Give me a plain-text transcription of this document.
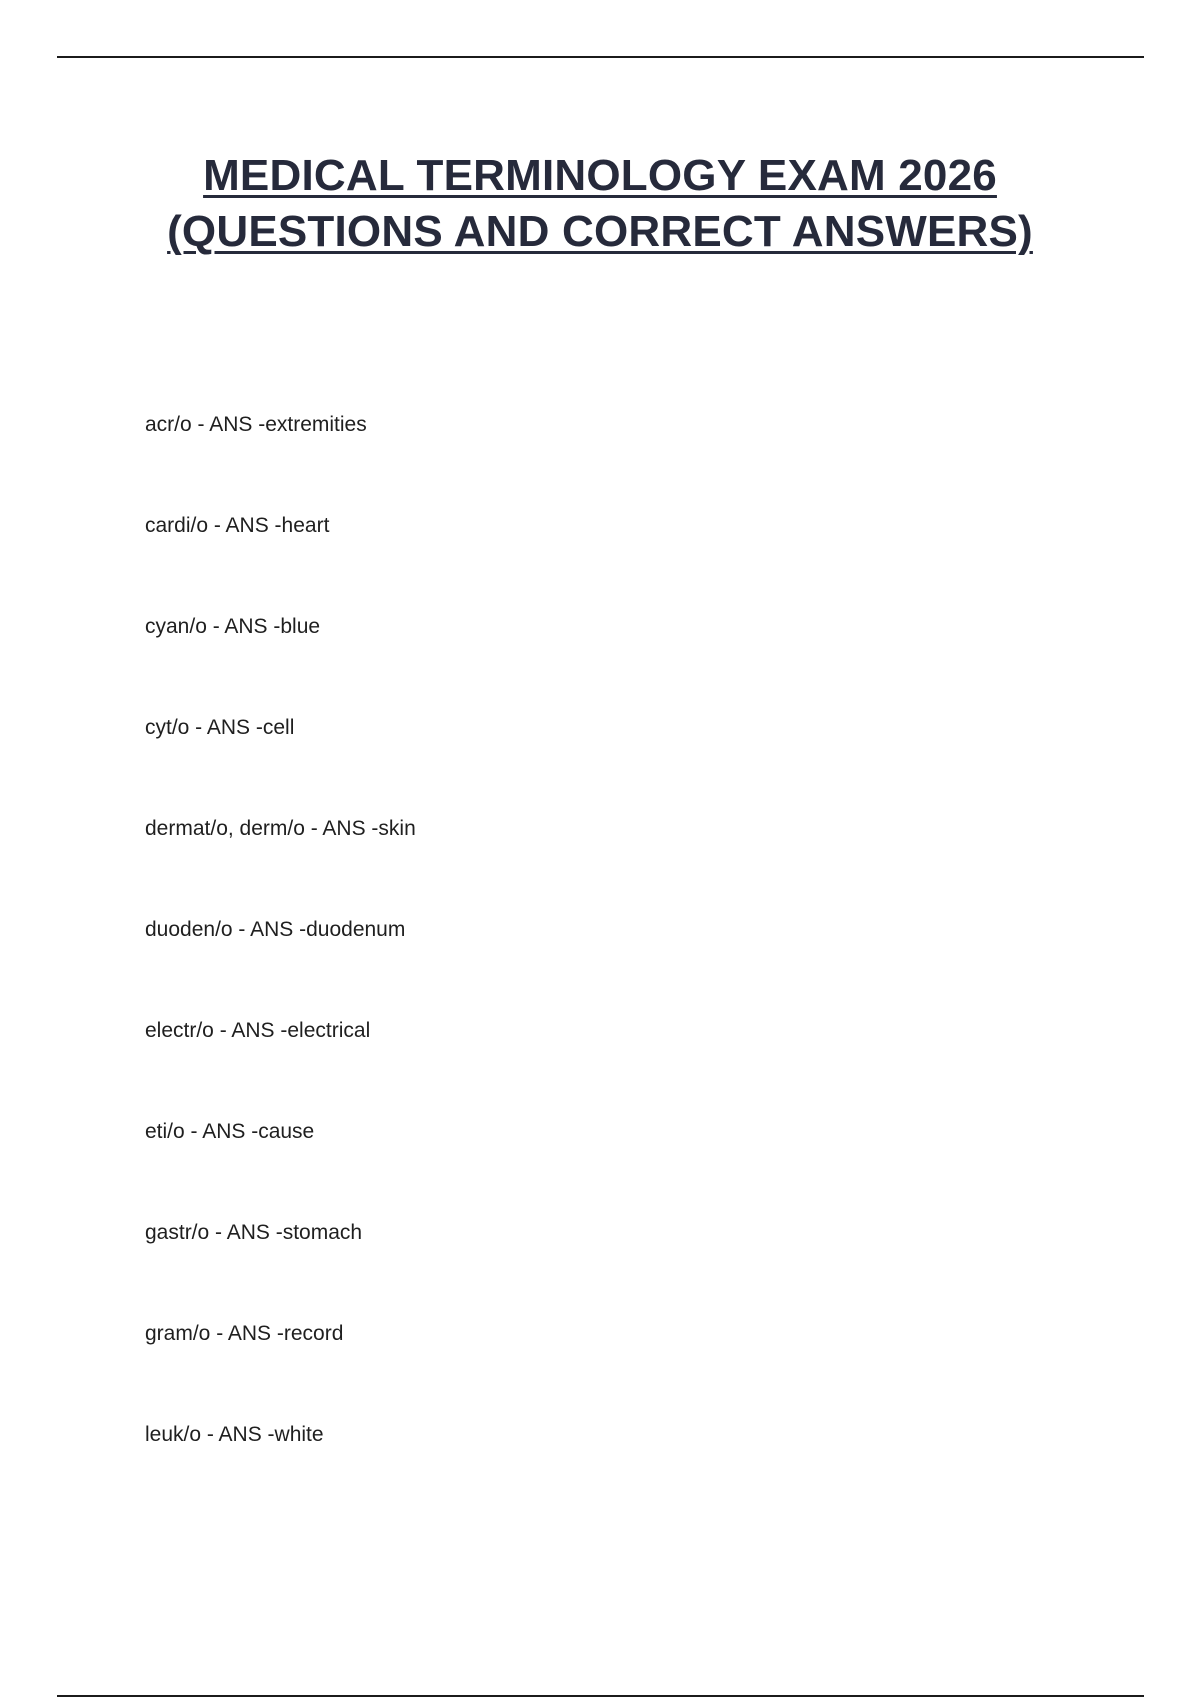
MEDICAL TERMINOLOGY EXAM 2026 (QUESTIONS AND CORRECT ANSWERS)
acr/o - ANS -extremities
cardi/o - ANS -heart
cyan/o - ANS -blue
cyt/o - ANS -cell
dermat/o, derm/o - ANS -skin
duoden/o - ANS -duodenum
electr/o - ANS -electrical
eti/o - ANS -cause
gastr/o - ANS -stomach
gram/o - ANS -record
leuk/o - ANS -white
